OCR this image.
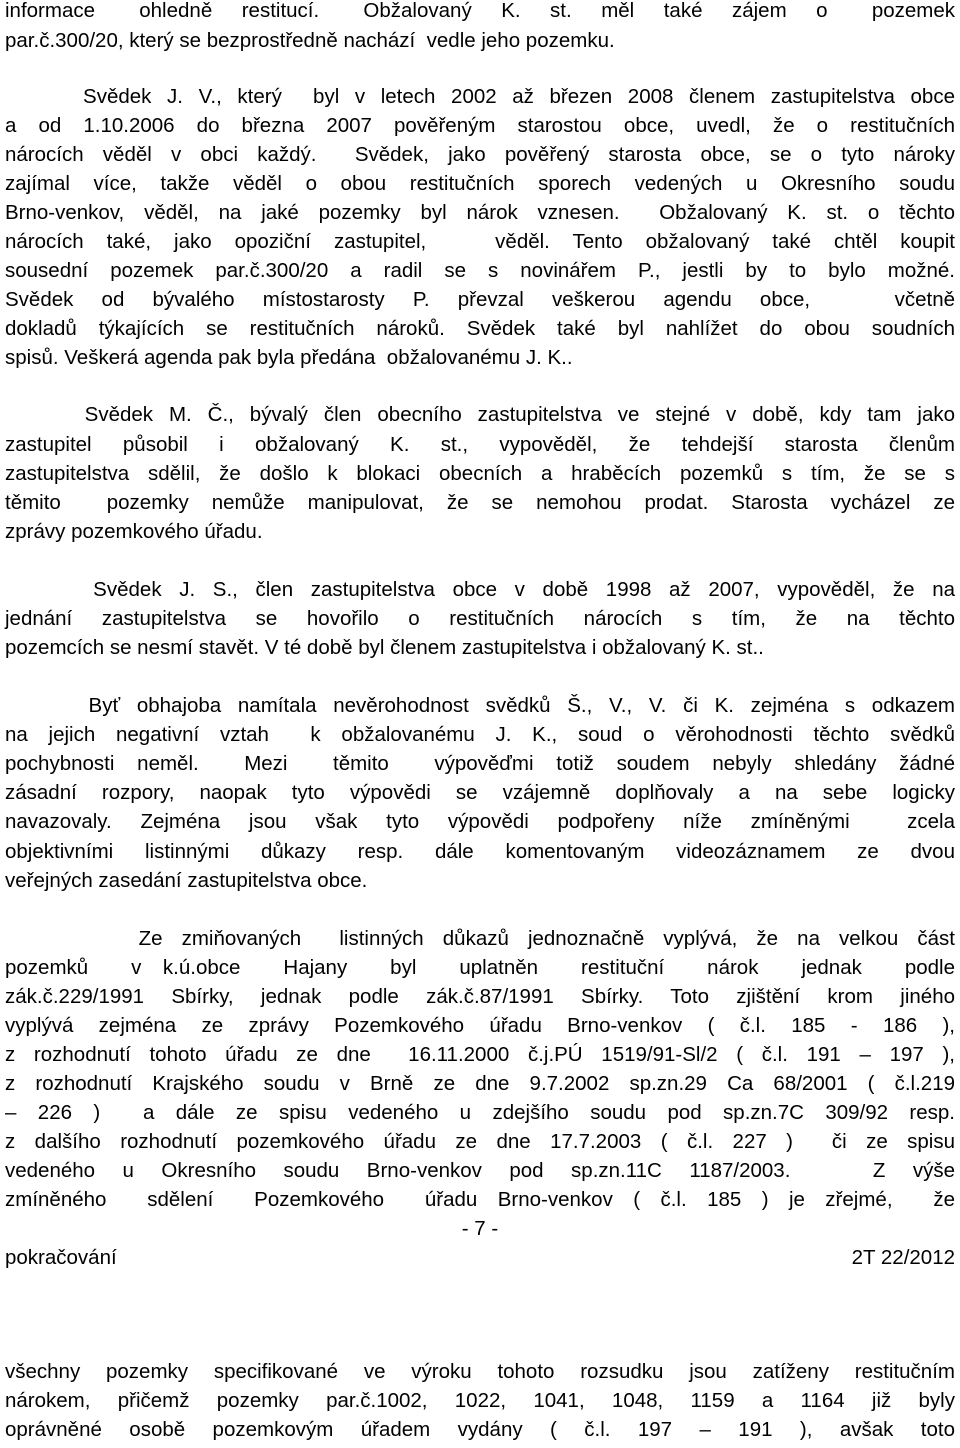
informace   ohledně  restitucí.   Obžalovaný  K.  st.  měl  také  zájem  o   pozemek
par.č.300/20, který se bezprostředně nachází  vedle jeho pozemku.
Svědek J. V., který  byl v letech 2002 až březen 2008 členem zastupitelstva obce
a od 1.10.2006 do března 2007 pověřeným starostou obce, uvedl, že o restitučních
nárocích věděl v obci každý.  Svědek, jako pověřený starosta obce, se o tyto nároky
zajímal více, takže věděl o obou restitučních sporech vedených u Okresního soudu
Brno-venkov, věděl, na jaké pozemky byl nárok vznesen.  Obžalovaný K. st. o těchto
nárocích také, jako opoziční zastupitel,   věděl. Tento obžalovaný také chtěl koupit
sousední pozemek par.č.300/20 a radil se s novinářem P., jestli by to bylo možné.
Svědek od bývalého místostarosty P. převzal veškerou agendu obce,   včetně
dokladů týkajících se restitučních nároků. Svědek také byl nahlížet do obou soudních
spisů. Veškerá agenda pak byla předána  obžalovanému J. K..
Svědek M. Č., bývalý člen obecního zastupitelstva ve stejné v době, kdy tam jako
zastupitel působil i obžalovaný K. st., vypověděl, že tehdejší starosta členům
zastupitelstva sdělil, že došlo k blokaci obecních a hraběcích pozemků s tím, že se s
těmito  pozemky nemůže manipulovat, že se nemohou prodat. Starosta vycházel ze
zprávy pozemkového úřadu.
Svědek J. S., člen zastupitelstva obce v době 1998 až 2007, vypověděl, že na
jednání zastupitelstva se hovořilo o restitučních nárocích s tím, že na těchto
pozemcích se nesmí stavět. V té době byl členem zastupitelstva i obžalovaný K. st..
Byť obhajoba namítala nevěrohodnost svědků Š., V., V. či K. zejména s odkazem
na jejich negativní vztah  k obžalovanému J. K., soud o věrohodnosti těchto svědků
pochybnosti neměl.  Mezi  těmito  výpověďmi totiž soudem nebyly shledány žádné
zásadní rozpory, naopak tyto výpovědi se vzájemně doplňovaly a na sebe logicky
navazovaly. Zejména jsou však tyto výpovědi podpořeny níže zmíněnými  zcela
objektivními listinnými důkazy resp. dále komentovaným videozáznamem ze dvou
veřejných zasedání zastupitelstva obce.
Ze zmiňovaných  listinných důkazů jednoznačně vyplývá, že na velkou část
pozemků  v k.ú.obce  Hajany  byl  uplatněn  restituční  nárok  jednak  podle
zák.č.229/1991 Sbírky, jednak podle zák.č.87/1991 Sbírky. Toto zjištění krom jiného
vyplývá zejména ze zprávy Pozemkového úřadu Brno-venkov ( č.l. 185 - 186 ),
z rozhodnutí tohoto úřadu ze dne  16.11.2000 č.j.PÚ 1519/91-Sl/2 ( č.l. 191 – 197 ),
z rozhodnutí Krajského soudu v Brně ze dne 9.7.2002 sp.zn.29 Ca 68/2001 ( č.l.219
– 226 )  a dále ze spisu vedeného u zdejšího soudu pod sp.zn.7C 309/92 resp.
z dalšího rozhodnutí pozemkového úřadu ze dne 17.7.2003 ( č.l. 227 )  či ze spisu
vedeného u Okresního soudu Brno-venkov pod sp.zn.11C 1187/2003.   Z výše
zmíněného  sdělení  Pozemkového  úřadu Brno-venkov ( č.l. 185 ) je zřejmé,  že
- 7 -
pokračování	2T 22/2012
všechny pozemky specifikované ve výroku tohoto rozsudku jsou zatíženy restitučním
nárokem, přičemž pozemky par.č.1002, 1022, 1041, 1048, 1159 a 1164 již byly
oprávněné osobě pozemkovým úřadem vydány ( č.l. 197 – 191 ), avšak toto
